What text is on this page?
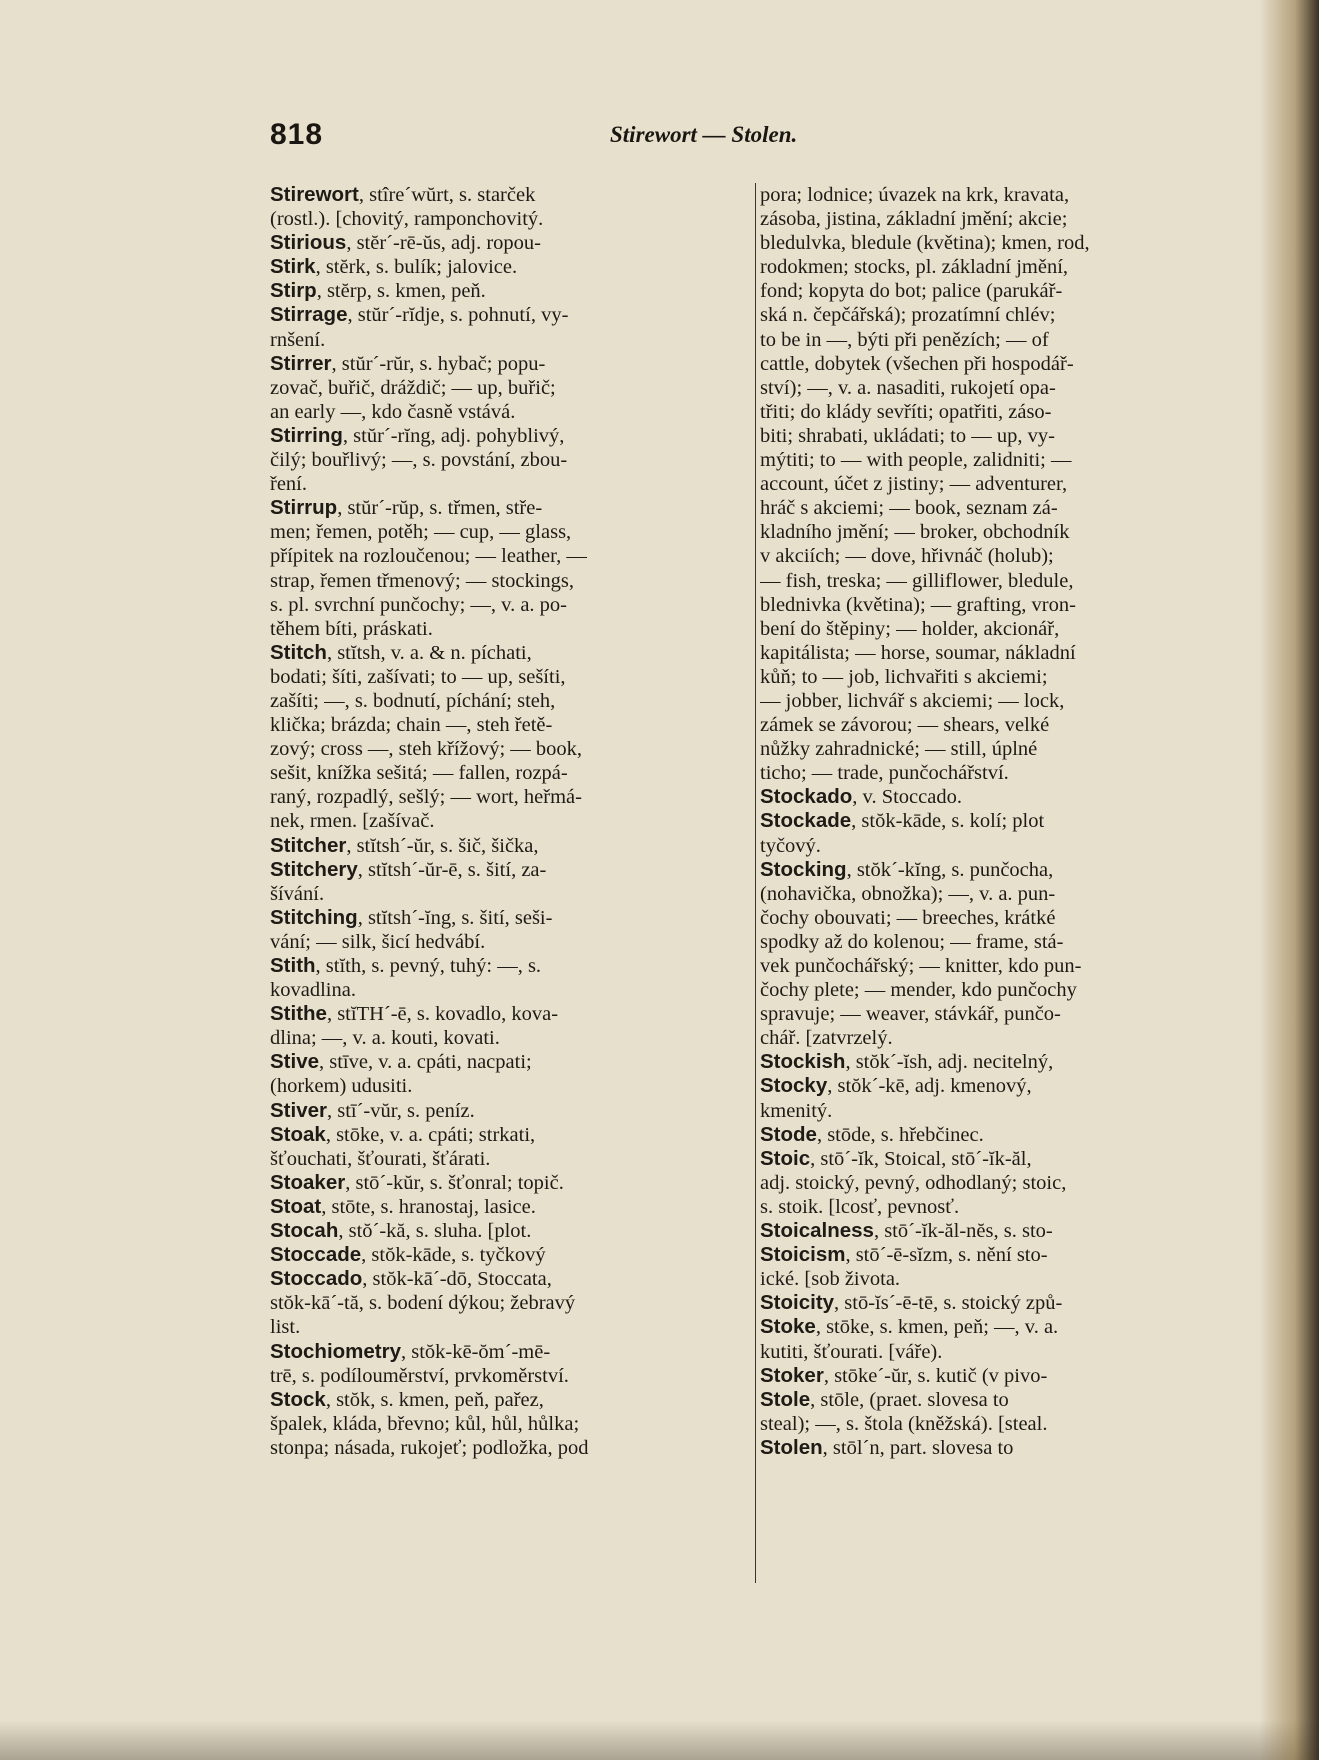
818	Stirewort — Stolen.
Stirewort, stîre´wŭrt, s. starček
(rostl.). [chovitý, ramponchovitý.
Stirious, stĕr´-rē-ŭs, adj. ropou-
Stirk, stĕrk, s. bulík; jalovice.
Stirp, stĕrp, s. kmen, peň.
Stirrage, stŭr´-rĭdje, s. pohnutí, vy-
rnšení.
Stirrer, stŭr´-rŭr, s. hybač; popu-
zovač, buřič, dráždič; — up, buřič;
an early —, kdo časně vstává.
Stirring, stŭr´-rĭng, adj. pohyblivý,
čilý; bouřlivý; —, s. povstání, zbou-
ření.
Stirrup, stŭr´-rŭp, s. třmen, stře-
men; řemen, potěh; — cup, — glass,
přípitek na rozloučenou; — leather, —
strap, řemen třmenový; — stockings,
s. pl. svrchní punčochy; —, v. a. po-
těhem bíti, práskati.
Stitch, stĭtsh, v. a. & n. píchati,
bodati; šíti, zašívati; to — up, sešíti,
zašíti; —, s. bodnutí, píchání; steh,
klička; brázda; chain —, steh řetě-
zový; cross —, steh křížový; — book,
sešit, knížka sešitá; — fallen, rozpá-
raný, rozpadlý, sešlý; — wort, heřmá-
nek, rmen. [zašívač.
Stitcher, stĭtsh´-ŭr, s. šič, šička,
Stitchery, stĭtsh´-ŭr-ē, s. šití, za-
šívání.
Stitching, stĭtsh´-ĭng, s. šití, seši-
vání; — silk, šicí hedvábí.
Stith, stĭth, s. pevný, tuhý: —, s.
kovadlina.
Stithe, stĭTH´-ē, s. kovadlo, kova-
dlina; —, v. a. kouti, kovati.
Stive, stīve, v. a. cpáti, nacpati;
(horkem) udusiti.
Stiver, stī´-vŭr, s. peníz.
Stoak, stōke, v. a. cpáti; strkati,
šťouchati, šťourati, šťárati.
Stoaker, stō´-kŭr, s. šťonral; topič.
Stoat, stōte, s. hranostaj, lasice.
Stocah, stŏ´-kă, s. sluha. [plot.
Stoccade, stŏk-kāde, s. tyčkový
Stoccado, stŏk-kā´-dō, Stoccata,
stŏk-kā´-tă, s. bodení dýkou; žebravý
list.
Stochiometry, stŏk-kē-ŏm´-mē-
trē, s. podílouměrství, prvkoměrství.
Stock, stŏk, s. kmen, peň, pařez,
špalek, kláda, břevno; kůl, hůl, hůlka;
stonpa; násada, rukojeť; podložka, pod
pora; lodnice; úvazek na krk, kravata,
zásoba, jistina, základní jmění; akcie;
bledulvka, bledule (květina); kmen, rod,
rodokmen; stocks, pl. základní jmění,
fond; kopyta do bot; palice (parukář-
ská n. čepčářská); prozatímní chlév;
to be in —, býti při penězích; — of
cattle, dobytek (všechen při hospodář-
ství); —, v. a. nasaditi, rukojetí opa-
třiti; do klády sevříti; opatřiti, záso-
biti; shrabati, ukládati; to — up, vy-
mýtiti; to — with people, zalidniti; —
account, účet z jistiny; — adventurer,
hráč s akciemi; — book, seznam zá-
kladního jmění; — broker, obchodník
v akciích; — dove, hřivnáč (holub);
— fish, treska; — gilliflower, bledule,
blednivka (květina); — grafting, vron-
bení do štěpiny; — holder, akcionář,
kapitálista; — horse, soumar, nákladní
kůň; to — job, lichvařiti s akciemi;
— jobber, lichvář s akciemi; — lock,
zámek se závorou; — shears, velké
nůžky zahradnické; — still, úplné
ticho; — trade, punčochářství.
Stockado, v. Stoccado.
Stockade, stŏk-kāde, s. kolí; plot
tyčový.
Stocking, stŏk´-kĭng, s. punčocha,
(nohavička, obnožka); —, v. a. pun-
čochy obouvati; — breeches, krátké
spodky až do kolenou; — frame, stá-
vek punčochářský; — knitter, kdo pun-
čochy plete; — mender, kdo punčochy
spravuje; — weaver, stávkář, punčo-
chář. [zatvrzelý.
Stockish, stŏk´-ĭsh, adj. necitelný,
Stocky, stŏk´-kē, adj. kmenový,
kmenitý.
Stode, stōde, s. hřebčinec.
Stoic, stō´-ĭk, Stoical, stō´-ĭk-ăl,
adj. stoický, pevný, odhodlaný; stoic,
s. stoik. [lcosť, pevnosť.
Stoicalness, stō´-ĭk-ăl-nĕs, s. sto-
Stoicism, stō´-ē-sĭzm, s. nění sto-
ické. [sob života.
Stoicity, stō-ĭs´-ē-tē, s. stoický způ-
Stoke, stōke, s. kmen, peň; —, v. a.
kutiti, šťourati. [váře).
Stoker, stōke´-ŭr, s. kutič (v pivo-
Stole, stōle, (praet. slovesa to
steal); —, s. štola (kněžská). [steal.
Stolen, stōl´n, part. slovesa to
